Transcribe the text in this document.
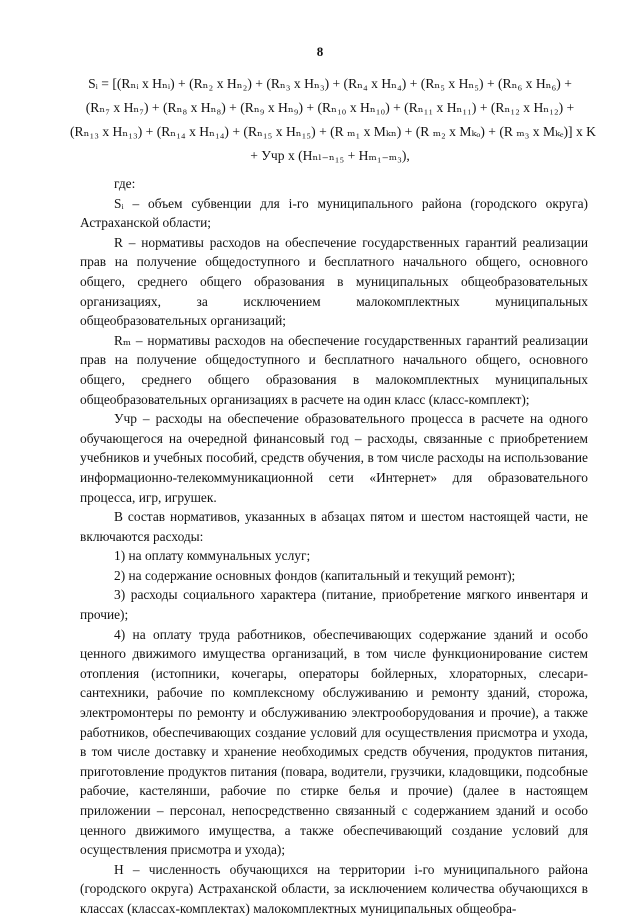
8
Sᵢ = [(Rₙᵢ x Hₙᵢ) + (Rₙ₂ x Hₙ₂) + (Rₙ₃ x Hₙ₃) + (Rₙ₄ x Hₙ₄) + (Rₙ₅ x Hₙ₅) + (Rₙ₆ x Hₙ₆) +
(Rₙ₇ x Hₙ₇) + (Rₙ₈ x Hₙ₈) + (Rₙ₉ x Hₙ₉) + (Rₙ₁₀ x Hₙ₁₀) + (Rₙ₁₁ x Hₙ₁₁) + (Rₙ₁₂ x Hₙ₁₂) +
(Rₙ₁₃ x Hₙ₁₃) + (Rₙ₁₄ x Hₙ₁₄) + (Rₙ₁₅ x Hₙ₁₅) + (R ₘ₁ x Mₖₙ) + (R ₘ₂ x Mₖₒ) + (R ₘ₃ x Mₖₑ)] x K
+ Учр x (Hₙₗ₋ₙ₁₅ + Hₘ₁₋ₘ₃),

где:

Sᵢ – объем субвенции для i-го муниципального района (городского округа) Астраханской области;

R – нормативы расходов на обеспечение государственных гарантий реализации прав на получение общедоступного и бесплатного начального общего, основного общего, среднего общего образования в муниципальных общеобразовательных организациях, за исключением малокомплектных муниципальных общеобразовательных организаций;

Rₘ – нормативы расходов на обеспечение государственных гарантий реализации прав на получение общедоступного и бесплатного начального общего, основного общего, среднего общего образования в малокомплектных муниципальных общеобразовательных организациях в расчете на один класс (класс-комплект);

Учр – расходы на обеспечение образовательного процесса в расчете на одного обучающегося на очередной финансовый год – расходы, связанные с приобретением учебников и учебных пособий, средств обучения, в том числе расходы на использование информационно-телекоммуникационной сети «Интернет» для образовательного процесса, игр, игрушек.

В состав нормативов, указанных в абзацах пятом и шестом настоящей части, не включаются расходы:

1) на оплату коммунальных услуг;

2) на содержание основных фондов (капитальный и текущий ремонт);

3) расходы социального характера (питание, приобретение мягкого инвентаря и прочие);

4) на оплату труда работников, обеспечивающих содержание зданий и особо ценного движимого имущества организаций, в том числе функционирование систем отопления (истопники, кочегары, операторы бойлерных, хлораторных, слесари-сантехники, рабочие по комплексному обслуживанию и ремонту зданий, сторожа, электромонтеры по ремонту и обслуживанию электрооборудования и прочие), а также работников, обеспечивающих создание условий для осуществления присмотра и ухода, в том числе доставку и хранение необходимых средств обучения, продуктов питания, приготовление продуктов питания (повара, водители, грузчики, кладовщики, подсобные рабочие, кастелянши, рабочие по стирке белья и прочие) (далее в настоящем приложении – персонал, непосредственно связанный с содержанием зданий и особо ценного движимого имущества, а также обеспечивающий создание условий для осуществления присмотра и ухода);

Н – численность обучающихся на территории i-го муниципального района (городского округа) Астраханской области, за исключением количества обучающихся в классах (классах-комплектах) малокомплектных муниципальных общеобра-
